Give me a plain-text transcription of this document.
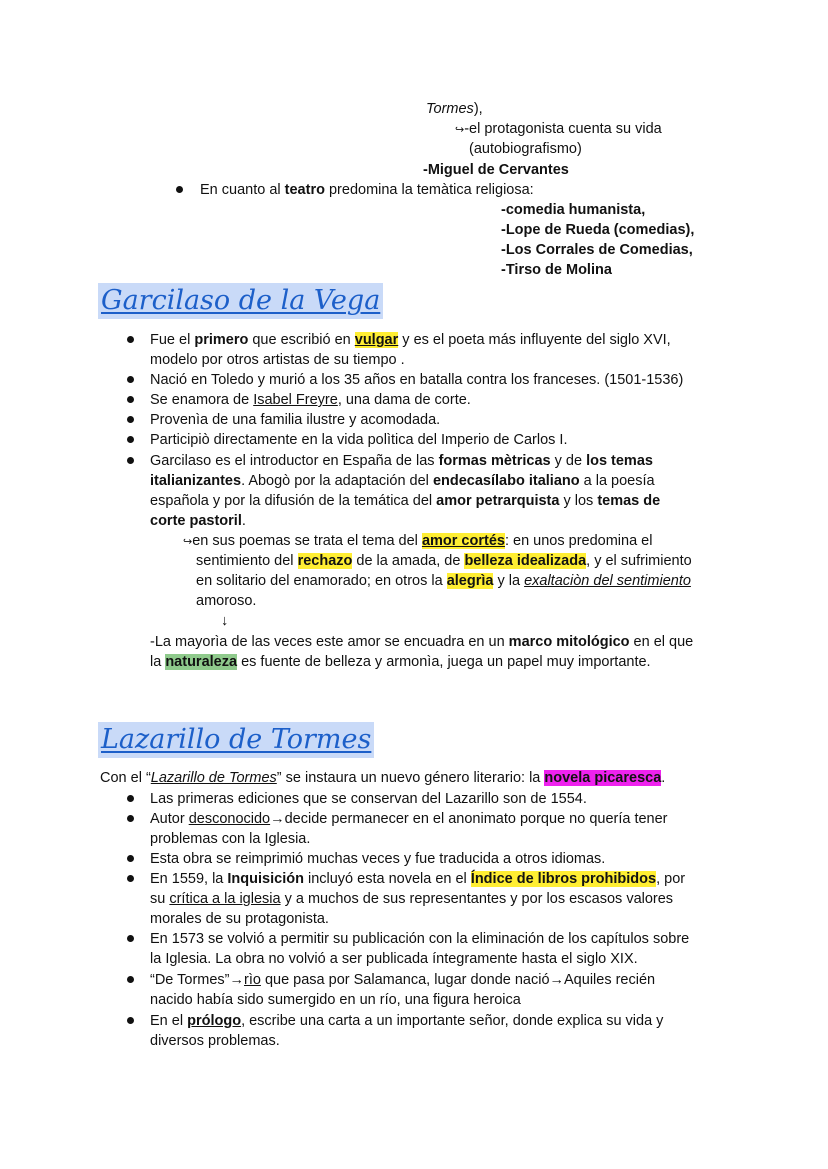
Tormes),
↪-el protagonista cuenta su vida
(autobiografismo)
-Miguel de Cervantes
En cuanto al teatro predomina la temàtica religiosa:
-comedia humanista,
-Lope de Rueda (comedias),
-Los Corrales de Comedias,
-Tirso de Molina
Garcilaso de la Vega
Fue el primero que escribió en vulgar y es el poeta más influyente del siglo XVI,
modelo por otros artistas de su tiempo .
Nació en Toledo y murió a los 35 años en batalla contra los franceses. (1501-1536)
Se enamora de Isabel Freyre, una dama de corte.
Provenìa de una familia ilustre y acomodada.
Participiò directamente en la vida polìtica del Imperio de Carlos I.
Garcilaso es el introductor en España de las formas mètricas y de los temas
italianizantes. Abogò por la adaptación del endecasílabo italiano a la poesía
española y por la difusión de la temática del amor petrarquista y los temas de
corte pastoril.
↪en sus poemas se trata el tema del amor cortés: en unos predomina el
sentimiento del rechazo de la amada, de belleza idealizada, y el sufrimiento
en solitario del enamorado; en otros la alegrìa y la exaltaciòn del sentimiento
amoroso.
↓
-La mayorìa de las veces este amor se encuadra en un marco mitológico en el que
la naturaleza es fuente de belleza y armonìa, juega un papel muy importante.
Lazarillo de Tormes
Con el “Lazarillo de Tormes” se instaura un nuevo género literario: la novela picaresca.
Las primeras ediciones que se conservan del Lazarillo son de 1554.
Autor desconocido→decide permanecer en el anonimato porque no quería tener
problemas con la Iglesia.
Esta obra se reimprimió muchas veces y fue traducida a otros idiomas.
En 1559, la Inquisición incluyó esta novela en el Índice de libros prohibidos, por
su crítica a la iglesia y a muchos de sus representantes y por los escasos valores
morales de su protagonista.
En 1573 se volvió a permitir su publicación con la eliminación de los capítulos sobre
la Iglesia. La obra no volvió a ser publicada íntegramente hasta el siglo XIX.
“De Tormes”→rìo que pasa por Salamanca, lugar donde nació→Aquiles recién
nacido había sido sumergido en un río, una figura heroica
En el prólogo, escribe una carta a un importante señor, donde explica su vida y
diversos problemas.
